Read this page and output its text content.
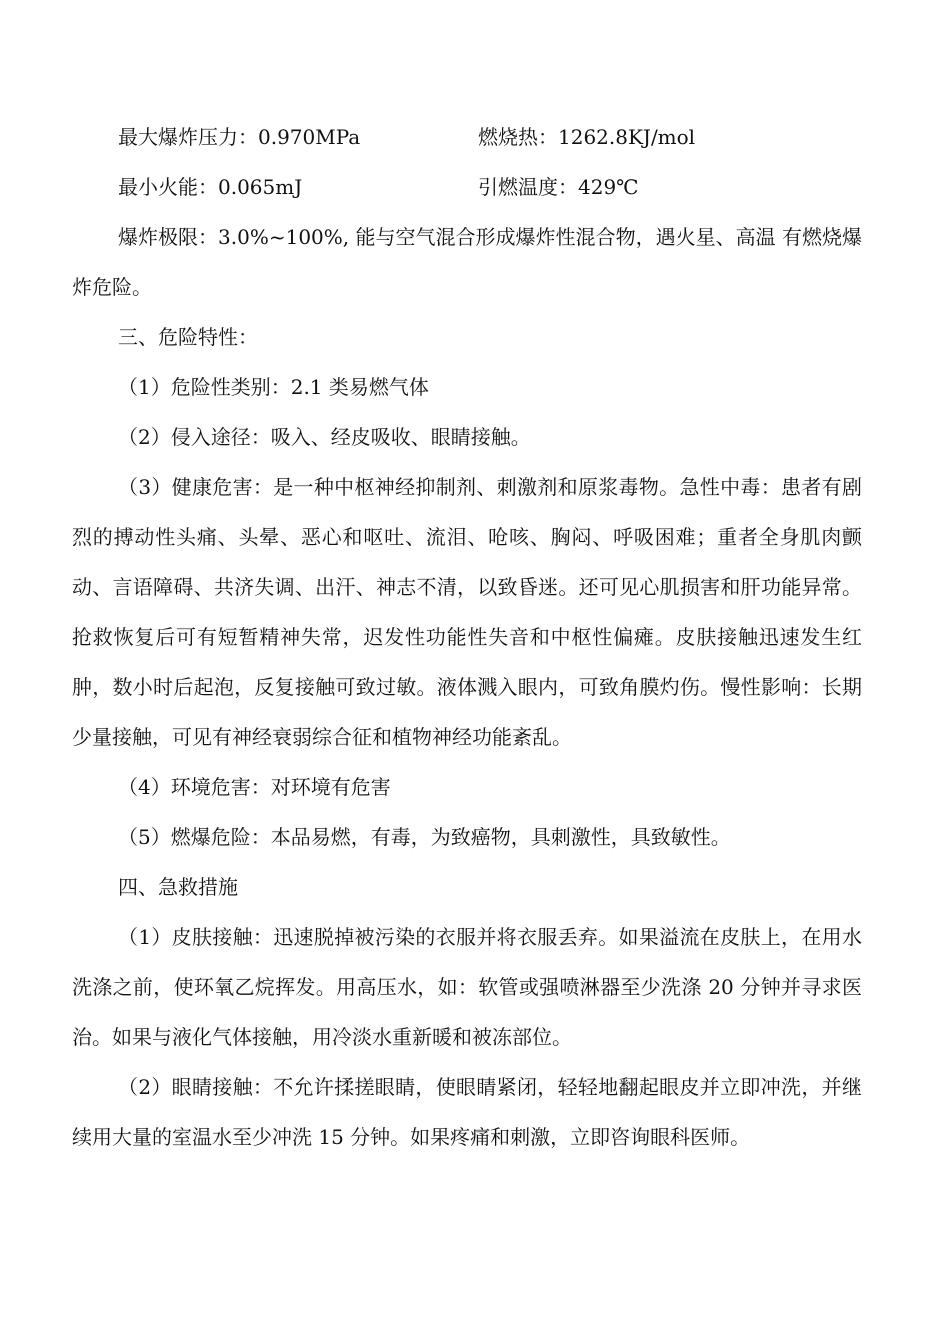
最大爆炸压力：0.970MPa	燃烧热：1262.8KJ/mol
最小火能：0.065mJ	引燃温度：429℃

爆炸极限：3.0%~100%, 能与空气混合形成爆炸性混合物，遇火星、高温 有燃烧爆炸危险。

三、危险特性：

（1）危险性类别：2.1 类易燃气体

（2）侵入途径：吸入、经皮吸收、眼睛接触。

（3）健康危害：是一种中枢神经抑制剂、刺激剂和原浆毒物。急性中毒：患者有剧烈的搏动性头痛、头晕、恶心和呕吐、流泪、呛咳、胸闷、呼吸困难；重者全身肌肉颤动、言语障碍、共济失调、出汗、神志不清，以致昏迷。还可见心肌损害和肝功能异常。抢救恢复后可有短暂精神失常，迟发性功能性失音和中枢性偏瘫。皮肤接触迅速发生红肿，数小时后起泡，反复接触可致过敏。液体溅入眼内，可致角膜灼伤。慢性影响：长期少量接触，可见有神经衰弱综合征和植物神经功能紊乱。

（4）环境危害：对环境有危害

（5）燃爆危险：本品易燃，有毒，为致癌物，具刺激性，具致敏性。

四、急救措施

（1）皮肤接触：迅速脱掉被污染的衣服并将衣服丢弃。如果溢流在皮肤上，在用水洗涤之前，使环氧乙烷挥发。用高压水，如：软管或强喷淋器至少洗涤 20 分钟并寻求医治。如果与液化气体接触，用冷淡水重新暖和被冻部位。

（2）眼睛接触：不允许揉搓眼睛，使眼睛紧闭，轻轻地翻起眼皮并立即冲洗，并继续用大量的室温水至少冲洗 15 分钟。如果疼痛和刺激，立即咨询眼科医师。
